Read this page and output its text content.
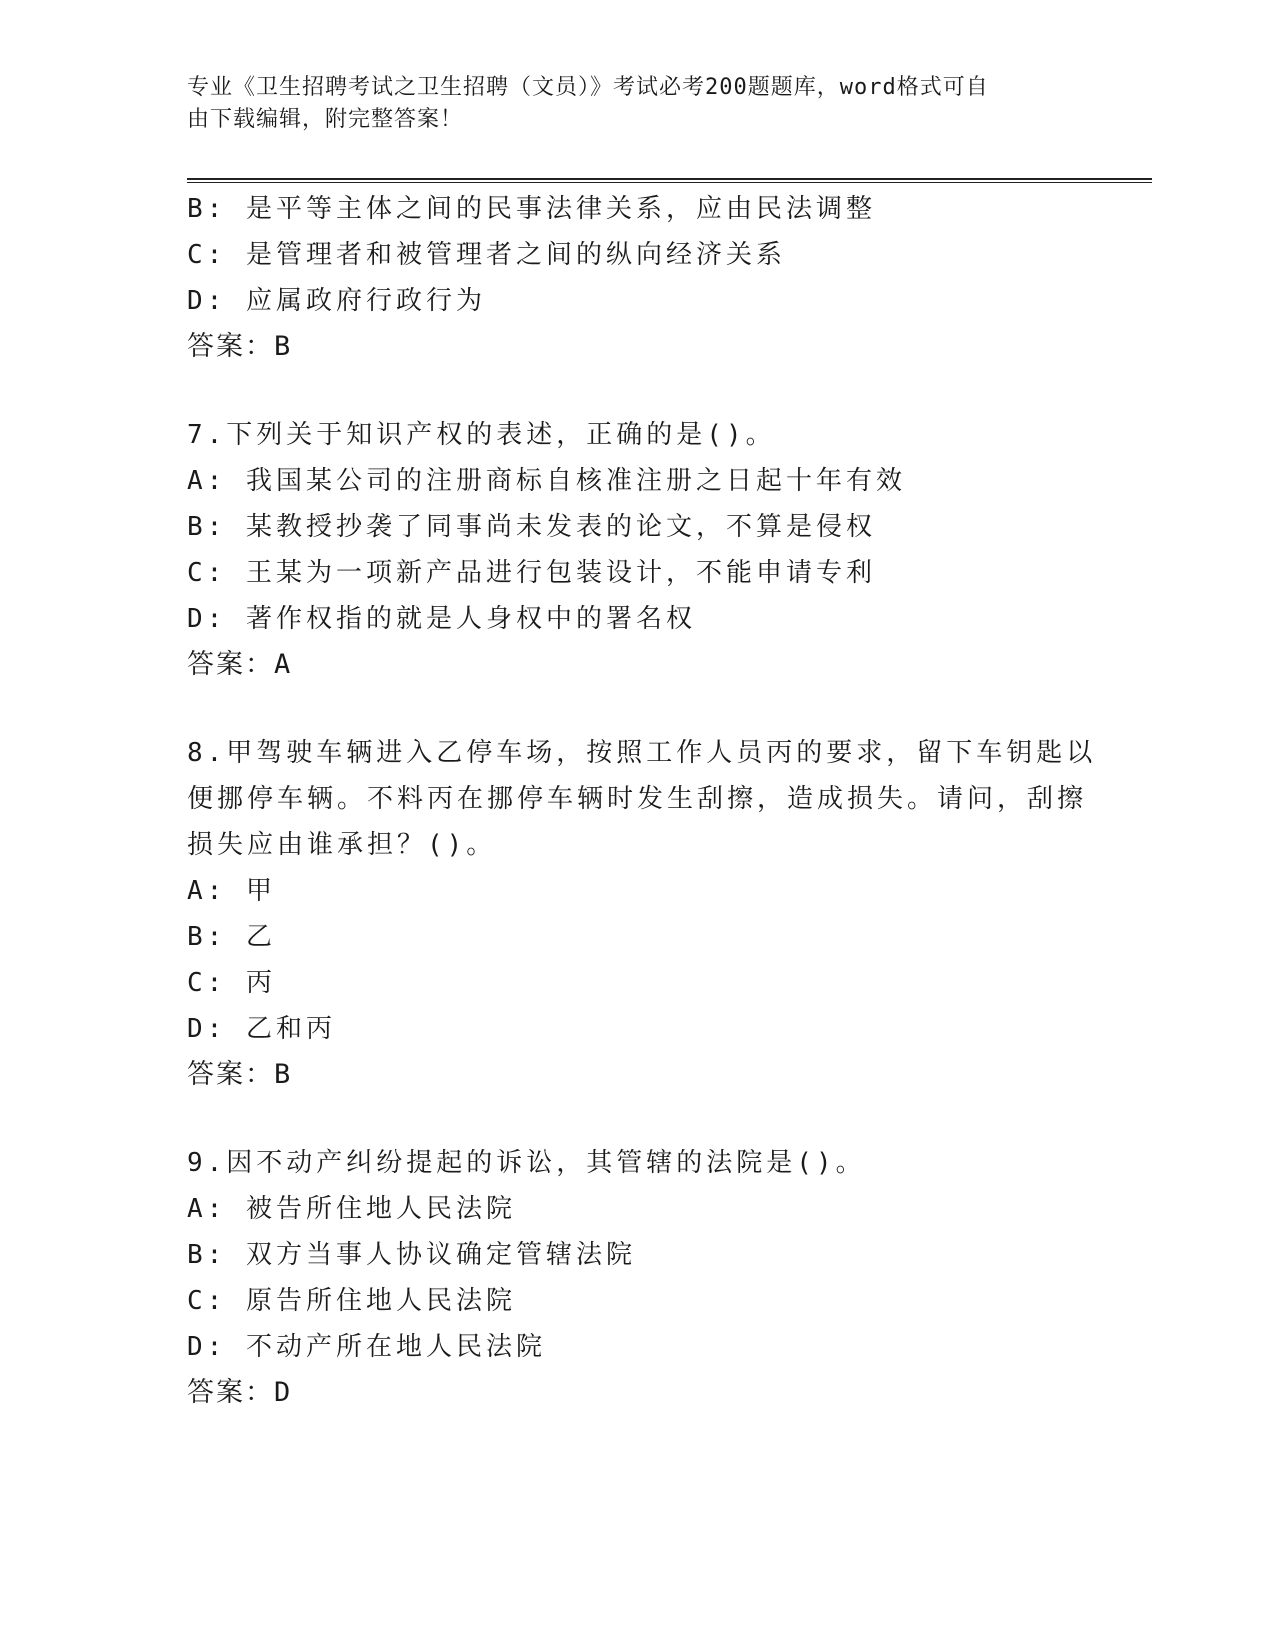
专业《卫生招聘考试之卫生招聘（文员）》考试必考200题题库，word格式可自
由下载编辑，附完整答案！
B: 是平等主体之间的民事法律关系，应由民法调整
C: 是管理者和被管理者之间的纵向经济关系
D: 应属政府行政行为
答案：B
7.下列关于知识产权的表述，正确的是()。
A: 我国某公司的注册商标自核准注册之日起十年有效
B: 某教授抄袭了同事尚未发表的论文，不算是侵权
C: 王某为一项新产品进行包装设计，不能申请专利
D: 著作权指的就是人身权中的署名权
答案：A
8.甲驾驶车辆进入乙停车场，按照工作人员丙的要求，留下车钥匙以
便挪停车辆。不料丙在挪停车辆时发生刮擦，造成损失。请问，刮擦
损失应由谁承担？()。
A: 甲
B: 乙
C: 丙
D: 乙和丙
答案：B
9.因不动产纠纷提起的诉讼，其管辖的法院是()。
A: 被告所住地人民法院
B: 双方当事人协议确定管辖法院
C: 原告所住地人民法院
D: 不动产所在地人民法院
答案：D
